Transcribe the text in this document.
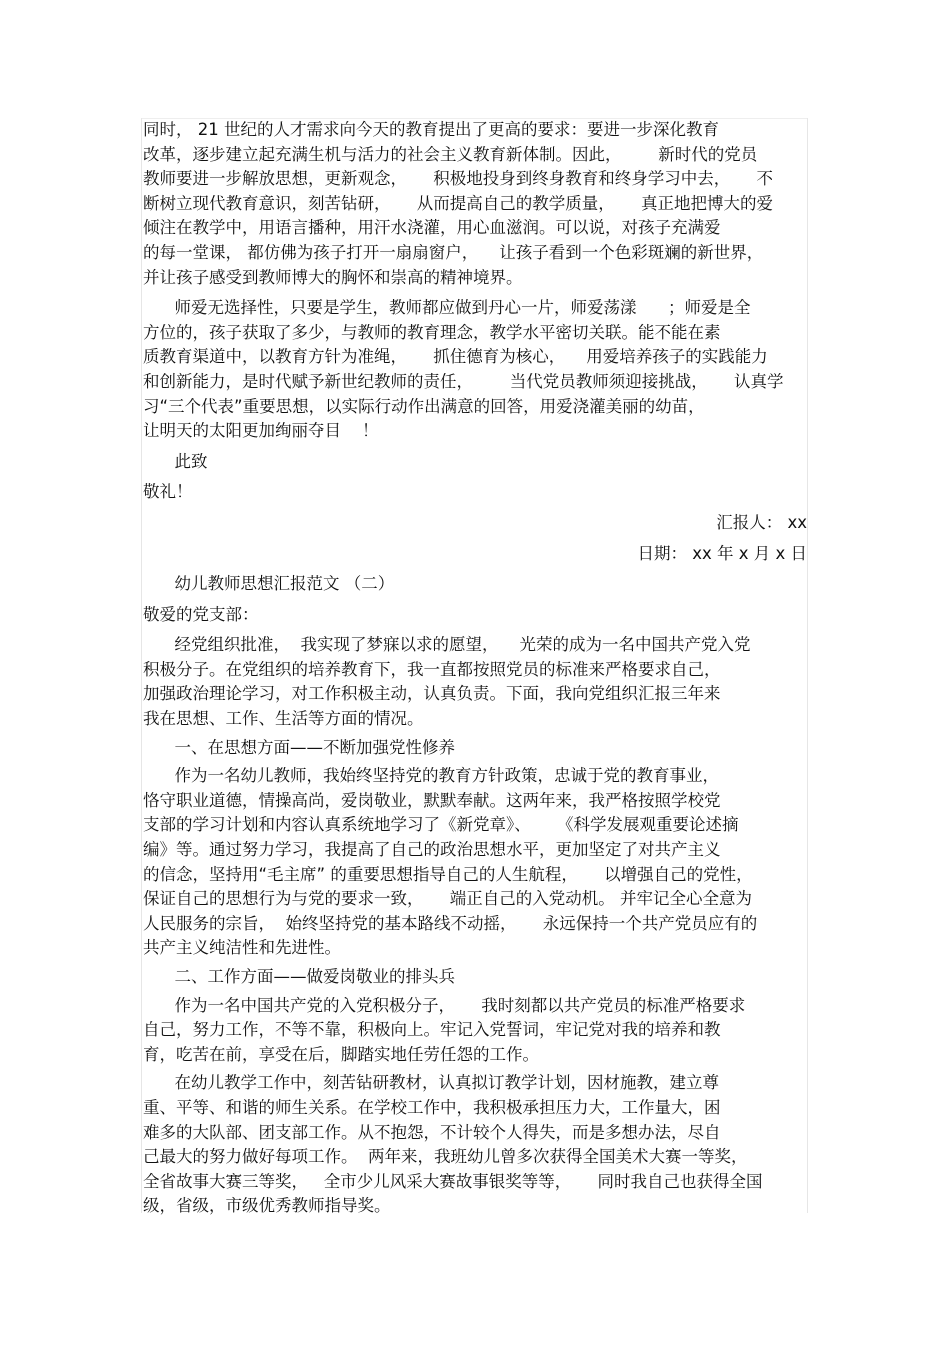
同时， 21 世纪的人才需求向今天的教育提出了更高的要求：要进一步深化教育

改革，逐步建立起充满生机与活力的社会主义教育新体制。因此，       新时代的党员

教师要进一步解放思想，更新观念，     积极地投身到终身教育和终身学习中去，     不

断树立现代教育意识，刻苦钻研，     从而提高自己的教学质量，     真正地把博大的爱

倾注在教学中，用语言播种，用汗水浇灌，用心血滋润。可以说，对孩子充满爱

的每一堂课， 都仿佛为孩子打开一扇扇窗户，    让孩子看到一个色彩斑斓的新世界，

并让孩子感受到教师博大的胸怀和崇高的精神境界。

师爱无选择性，只要是学生，教师都应做到丹心一片，师爱荡漾      ；师爱是全

方位的，孩子获取了多少，与教师的教育理念，教学水平密切关联。能不能在素

质教育渠道中，以教育方针为准绳，     抓住德育为核心，    用爱培养孩子的实践能力

和创新能力，是时代赋予新世纪教师的责任，       当代党员教师须迎接挑战，     认真学

习“三个代表”重要思想，以实际行动作出满意的回答，用爱浇灌美丽的幼苗，

让明天的太阳更加绚丽夺目    ！

此致

敬礼！

汇报人： xx

日期： xx 年 x 月 x 日

幼儿教师思想汇报范文 （二）

敬爱的党支部：

经党组织批准，  我实现了梦寐以求的愿望，    光荣的成为一名中国共产党入党

积极分子。在党组织的培养教育下，我一直都按照党员的标准来严格要求自己，

加强政治理论学习，对工作积极主动，认真负责。下面，我向党组织汇报三年来

我在思想、工作、生活等方面的情况。

一、在思想方面——不断加强党性修养

作为一名幼儿教师，我始终坚持党的教育方针政策，忠诚于党的教育事业，

恪守职业道德，情操高尚，爱岗敬业，默默奉献。这两年来，我严格按照学校党

支部的学习计划和内容认真系统地学习了《新党章》、     《科学发展观重要论述摘

编》等。通过努力学习，我提高了自己的政治思想水平，更加坚定了对共产主义

的信念，坚持用“毛主席” 的重要思想指导自己的人生航程，     以增强自己的党性，

保证自己的思想行为与党的要求一致，     端正自己的入党动机。 并牢记全心全意为

人民服务的宗旨，  始终坚持党的基本路线不动摇，     永远保持一个共产党员应有的

共产主义纯洁性和先进性。

二、工作方面——做爱岗敬业的排头兵

作为一名中国共产党的入党积极分子，     我时刻都以共产党员的标准严格要求

自己，努力工作，不等不靠，积极向上。牢记入党誓词，牢记党对我的培养和教

育，吃苦在前，享受在后，脚踏实地任劳任怨的工作。

在幼儿教学工作中，刻苦钻研教材，认真拟订教学计划，因材施教，建立尊

重、平等、和谐的师生关系。在学校工作中，我积极承担压力大，工作量大，困

难多的大队部、团支部工作。从不抱怨，不计较个人得失，而是多想办法，尽自

己最大的努力做好每项工作。  两年来，我班幼儿曾多次获得全国美术大赛一等奖，

全省故事大赛三等奖，   全市少儿风采大赛故事银奖等等，     同时我自己也获得全国

级，省级，市级优秀教师指导奖。
